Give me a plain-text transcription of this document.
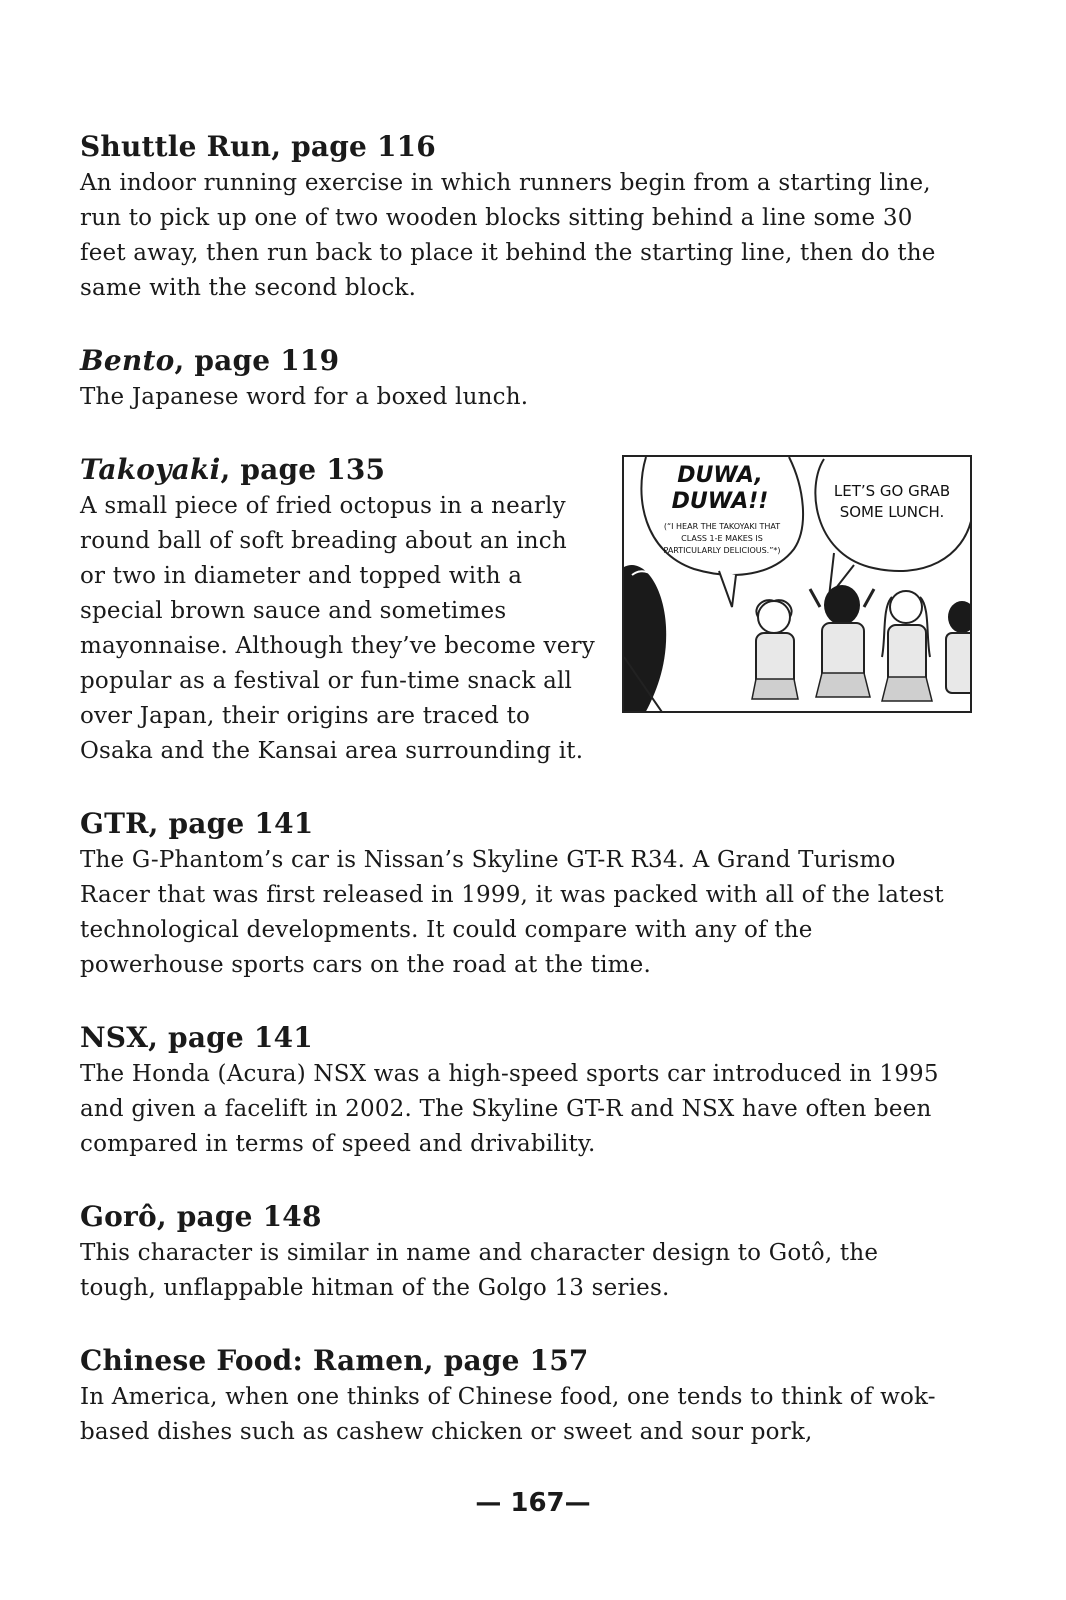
Shuttle Run, page 116

An indoor running exercise in which runners begin from a starting line, run to pick up one of two wooden blocks sitting behind a line some 30 feet away, then run back to place it behind the starting line, then do the same with the second block.

Bento, page 119

The Japanese word for a boxed lunch.

DUWA, DUWA!!
(“I HEAR THE TAKOYAKI THAT CLASS 1-E MAKES IS PARTICULARLY DELICIOUS.”*)
LET’S GO GRAB SOME LUNCH.

Takoyaki, page 135

A small piece of fried octopus in a nearly round ball of soft breading about an inch or two in diameter and topped with a special brown sauce and sometimes mayonnaise. Although they’ve become very popular as a festival or fun-time snack all over Japan, their origins are traced to Osaka and the Kansai area surrounding it.

GTR, page 141

The G-Phantom’s car is Nissan’s Skyline GT-R R34. A Grand Turismo Racer that was first released in 1999, it was packed with all of the latest technological developments. It could compare with any of the powerhouse sports cars on the road at the time.

NSX, page 141

The Honda (Acura) NSX was a high-speed sports car introduced in 1995 and given a facelift in 2002. The Skyline GT-R and NSX have often been compared in terms of speed and drivability.

Gorô, page 148

This character is similar in name and character design to Gotô, the tough, unflappable hitman of the Golgo 13 series.

Chinese Food: Ramen, page 157

In America, when one thinks of Chinese food, one tends to think of wok-based dishes such as cashew chicken or sweet and sour pork,

— 167—
